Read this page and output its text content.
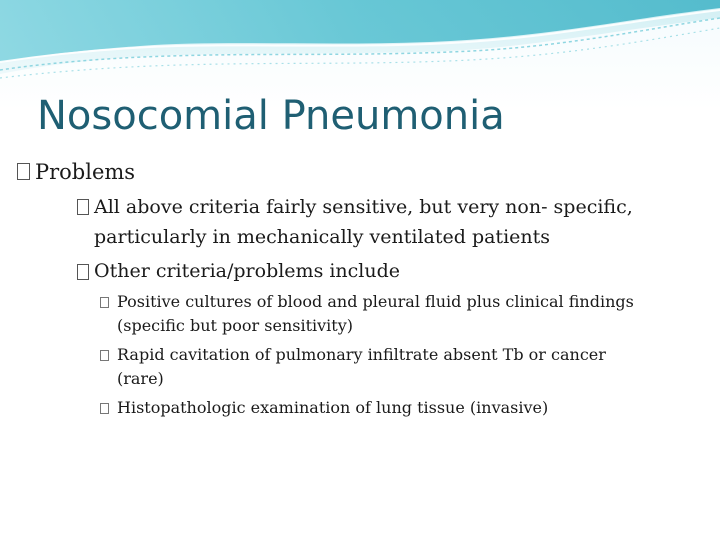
Nosocomial Pneumonia
Problems
All above criteria fairly sensitive, but very non- specific,
particularly in mechanically ventilated patients
Other criteria/problems include
Positive cultures of blood and pleural fluid plus clinical findings
(specific but poor sensitivity)
Rapid cavitation of pulmonary infiltrate absent Tb or cancer
(rare)
Histopathologic examination of lung tissue (invasive)
